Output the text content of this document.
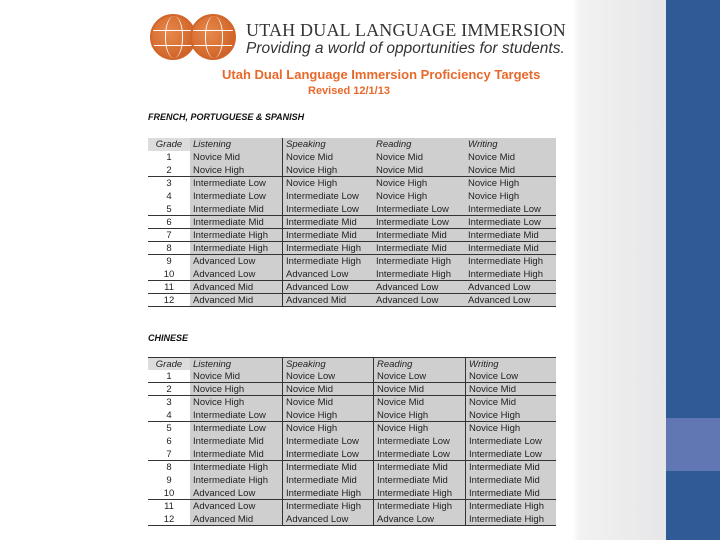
UTAH DUAL LANGUAGE IMMERSION
Providing a world of opportunities for students.
Utah Dual Language Immersion Proficiency Targets
Revised 12/1/13
FRENCH, PORTUGUESE & SPANISH
Grade	Listening	Speaking	Reading	Writing
1	Novice Mid	Novice Mid	Novice Mid	Novice Mid
2	Novice High	Novice High	Novice Mid	Novice Mid
3	Intermediate Low	Novice High	Novice High	Novice High
4	Intermediate Low	Intermediate Low	Novice High	Novice High
5	Intermediate Mid	Intermediate Low	Intermediate Low	Intermediate Low
6	Intermediate Mid	Intermediate Mid	Intermediate Low	Intermediate Low
7	Intermediate High	Intermediate Mid	Intermediate Mid	Intermediate Mid
8	Intermediate High	Intermediate High	Intermediate Mid	Intermediate Mid
9	Advanced Low	Intermediate High	Intermediate High	Intermediate High
10	Advanced Low	Advanced Low	Intermediate High	Intermediate High
11	Advanced Mid	Advanced Low	Advanced Low	Advanced Low
12	Advanced Mid	Advanced Mid	Advanced Low	Advanced Low
CHINESE
Grade	Listening	Speaking	Reading	Writing
1	Novice Mid	Novice Low	Novice Low	Novice Low
2	Novice High	Novice Mid	Novice Mid	Novice Mid
3	Novice High	Novice Mid	Novice Mid	Novice Mid
4	Intermediate Low	Novice High	Novice High	Novice High
5	Intermediate Low	Novice High	Novice High	Novice High
6	Intermediate Mid	Intermediate Low	Intermediate Low	Intermediate Low
7	Intermediate Mid	Intermediate Low	Intermediate Low	Intermediate Low
8	Intermediate High	Intermediate Mid	Intermediate Mid	Intermediate Mid
9	Intermediate High	Intermediate Mid	Intermediate Mid	Intermediate Mid
10	Advanced Low	Intermediate High	Intermediate High	Intermediate Mid
11	Advanced Low	Intermediate High	Intermediate High	Intermediate High
12	Advanced Mid	Advanced Low	Advance Low	Intermediate High
